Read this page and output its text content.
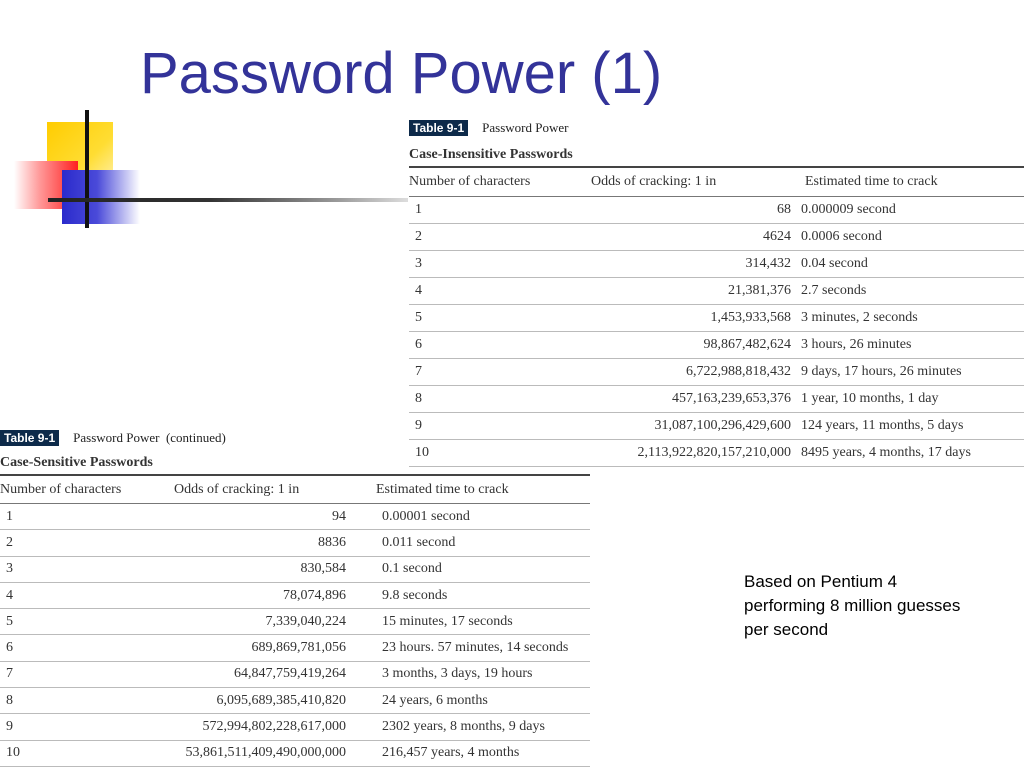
Password Power (1)
Table 9-1	Password Power
Case-Insensitive Passwords
Number of characters	Odds of cracking: 1 in	Estimated time to crack
1	68	0.000009 second
2	4624	0.0006 second
3	314,432	0.04 second
4	21,381,376	2.7 seconds
5	1,453,933,568	3 minutes, 2 seconds
6	98,867,482,624	3 hours, 26 minutes
7	6,722,988,818,432	9 days, 17 hours, 26 minutes
8	457,163,239,653,376	1 year, 10 months, 1 day
9	31,087,100,296,429,600	124 years, 11 months, 5 days
10	2,113,922,820,157,210,000	8495 years, 4 months, 17 days
Table 9-1	Password Power
(continued)
Case-Sensitive Passwords
Number of characters	Odds of cracking: 1 in	Estimated time to crack
1	94	0.00001 second
2	8836	0.011 second
3	830,584	0.1 second
4	78,074,896	9.8 seconds
5	7,339,040,224	15 minutes, 17 seconds
6	689,869,781,056	23 hours. 57 minutes, 14 seconds
7	64,847,759,419,264	3 months, 3 days, 19 hours
8	6,095,689,385,410,820	24 years, 6 months
9	572,994,802,228,617,000	2302 years, 8 months, 9 days
10	53,861,511,409,490,000,000	216,457 years, 4 months
Based on Pentium 4 performing 8 million guesses per second
